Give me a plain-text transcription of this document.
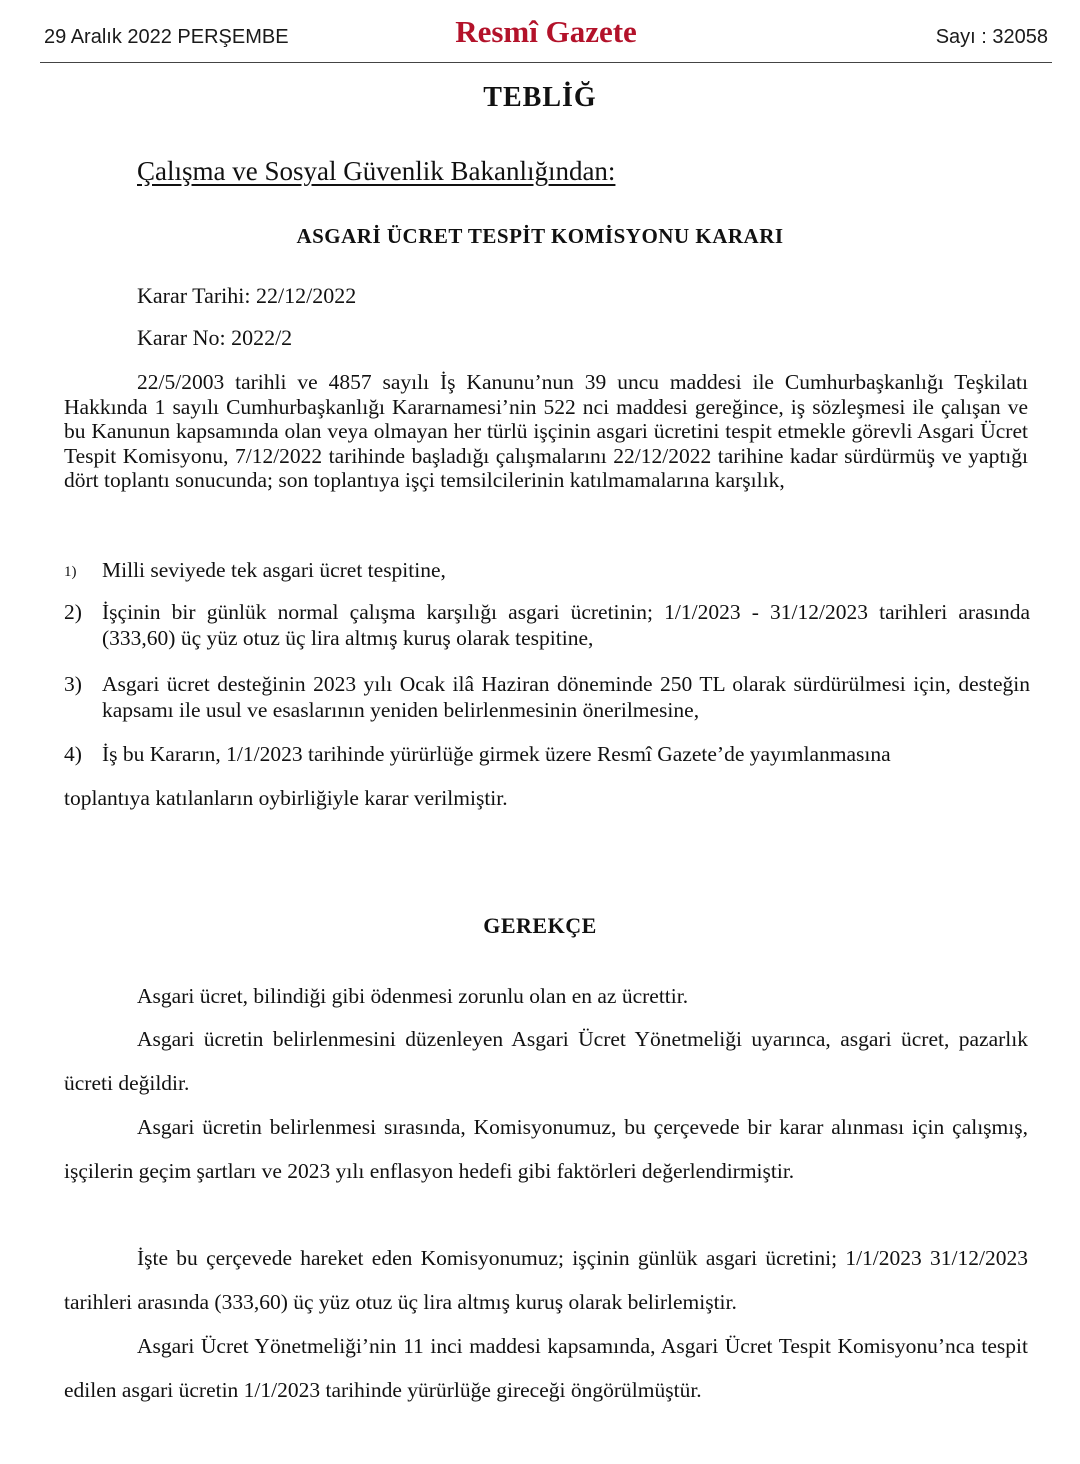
29 Aralık 2022 PERŞEMBE	Resmî Gazete	Sayı : 32058
TEBLİĞ
Çalışma ve Sosyal Güvenlik Bakanlığından:
ASGARİ ÜCRET TESPİT KOMİSYONU KARARI
Karar Tarihi: 22/12/2022
Karar No: 2022/2
22/5/2003 tarihli ve 4857 sayılı İş Kanunu’nun 39 uncu maddesi ile Cumhurbaşkanlığı Teşkilatı Hakkında 1 sayılı Cumhurbaşkanlığı Kararnamesi’nin 522 nci maddesi gereğince, iş sözleşmesi ile çalışan ve bu Kanunun kapsamında olan veya olmayan her türlü işçinin asgari ücretini tespit etmekle görevli Asgari Ücret Tespit Komisyonu, 7/12/2022 tarihinde başladığı çalışmalarını 22/12/2022 tarihine kadar sürdürmüş ve yaptığı dört toplantı sonucunda; son toplantıya işçi temsilcilerinin katılmamalarına karşılık,
1)	Milli seviyede tek asgari ücret tespitine,
2) İşçinin bir günlük normal çalışma karşılığı asgari ücretinin; 1/1/2023 - 31/12/2023 tarihleri arasında (333,60) üç yüz otuz üç lira altmış kuruş olarak tespitine,
3) Asgari ücret desteğinin 2023 yılı Ocak ilâ Haziran döneminde 250 TL olarak sürdürülmesi için, desteğin kapsamı ile usul ve esaslarının yeniden belirlenmesinin önerilmesine,
4) İş bu Kararın, 1/1/2023 tarihinde yürürlüğe girmek üzere Resmî Gazete’de yayımlanmasına
toplantıya katılanların oybirliğiyle karar verilmiştir.
GEREKÇE
Asgari ücret, bilindiği gibi ödenmesi zorunlu olan en az ücrettir.
Asgari ücretin belirlenmesini düzenleyen Asgari Ücret Yönetmeliği uyarınca, asgari ücret, pazarlık ücreti değildir.
Asgari ücretin belirlenmesi sırasında, Komisyonumuz, bu çerçevede bir karar alınması için çalışmış, işçilerin geçim şartları ve 2023 yılı enflasyon hedefi gibi faktörleri değerlendirmiştir.
İşte bu çerçevede hareket eden Komisyonumuz; işçinin günlük asgari ücretini; 1/1/2023 31/12/2023 tarihleri arasında (333,60) üç yüz otuz üç lira altmış kuruş olarak belirlemiştir.
Asgari Ücret Yönetmeliği’nin 11 inci maddesi kapsamında, Asgari Ücret Tespit Komisyonu’nca tespit edilen asgari ücretin 1/1/2023 tarihinde yürürlüğe gireceği öngörülmüştür.
